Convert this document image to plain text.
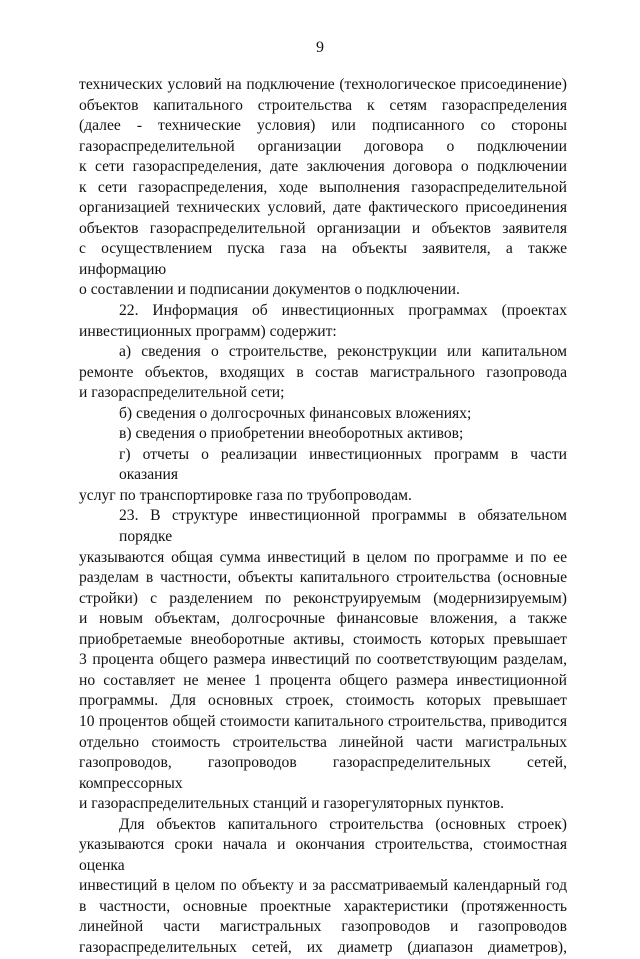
9
технических условий на подключение (технологическое присоединение)
объектов капитального строительства к сетям газораспределения
(далее - технические условия) или подписанного со стороны
газораспределительной организации договора о подключении
к сети газораспределения, дате заключения договора о подключении
к сети газораспределения, ходе выполнения газораспределительной
организацией технических условий, дате фактического присоединения
объектов газораспределительной организации и объектов заявителя
с осуществлением пуска газа на объекты заявителя, а также информацию
о составлении и подписании документов о подключении.
22. Информация об инвестиционных программах (проектах
инвестиционных программ) содержит:
а) сведения о строительстве, реконструкции или капитальном
ремонте объектов, входящих в состав магистрального газопровода
и газораспределительной сети;
б) сведения о долгосрочных финансовых вложениях;
в) сведения о приобретении внеоборотных активов;
г) отчеты о реализации инвестиционных программ в части оказания
услуг по транспортировке газа по трубопроводам.
23. В структуре инвестиционной программы в обязательном порядке
указываются общая сумма инвестиций в целом по программе и по ее
разделам в частности, объекты капитального строительства (основные
стройки) с разделением по реконструируемым (модернизируемым)
и новым объектам, долгосрочные финансовые вложения, а также
приобретаемые внеоборотные активы, стоимость которых превышает
3 процента общего размера инвестиций по соответствующим разделам,
но составляет не менее 1 процента общего размера инвестиционной
программы. Для основных строек, стоимость которых превышает
10 процентов общей стоимости капитального строительства, приводится
отдельно стоимость строительства линейной части магистральных
газопроводов, газопроводов газораспределительных сетей, компрессорных
и газораспределительных станций и газорегуляторных пунктов.
Для объектов капитального строительства (основных строек)
указываются сроки начала и окончания строительства, стоимостная оценка
инвестиций в целом по объекту и за рассматриваемый календарный год
в частности, основные проектные характеристики (протяженность
линейной части магистральных газопроводов и газопроводов
газораспределительных сетей, их диаметр (диапазон диаметров),
